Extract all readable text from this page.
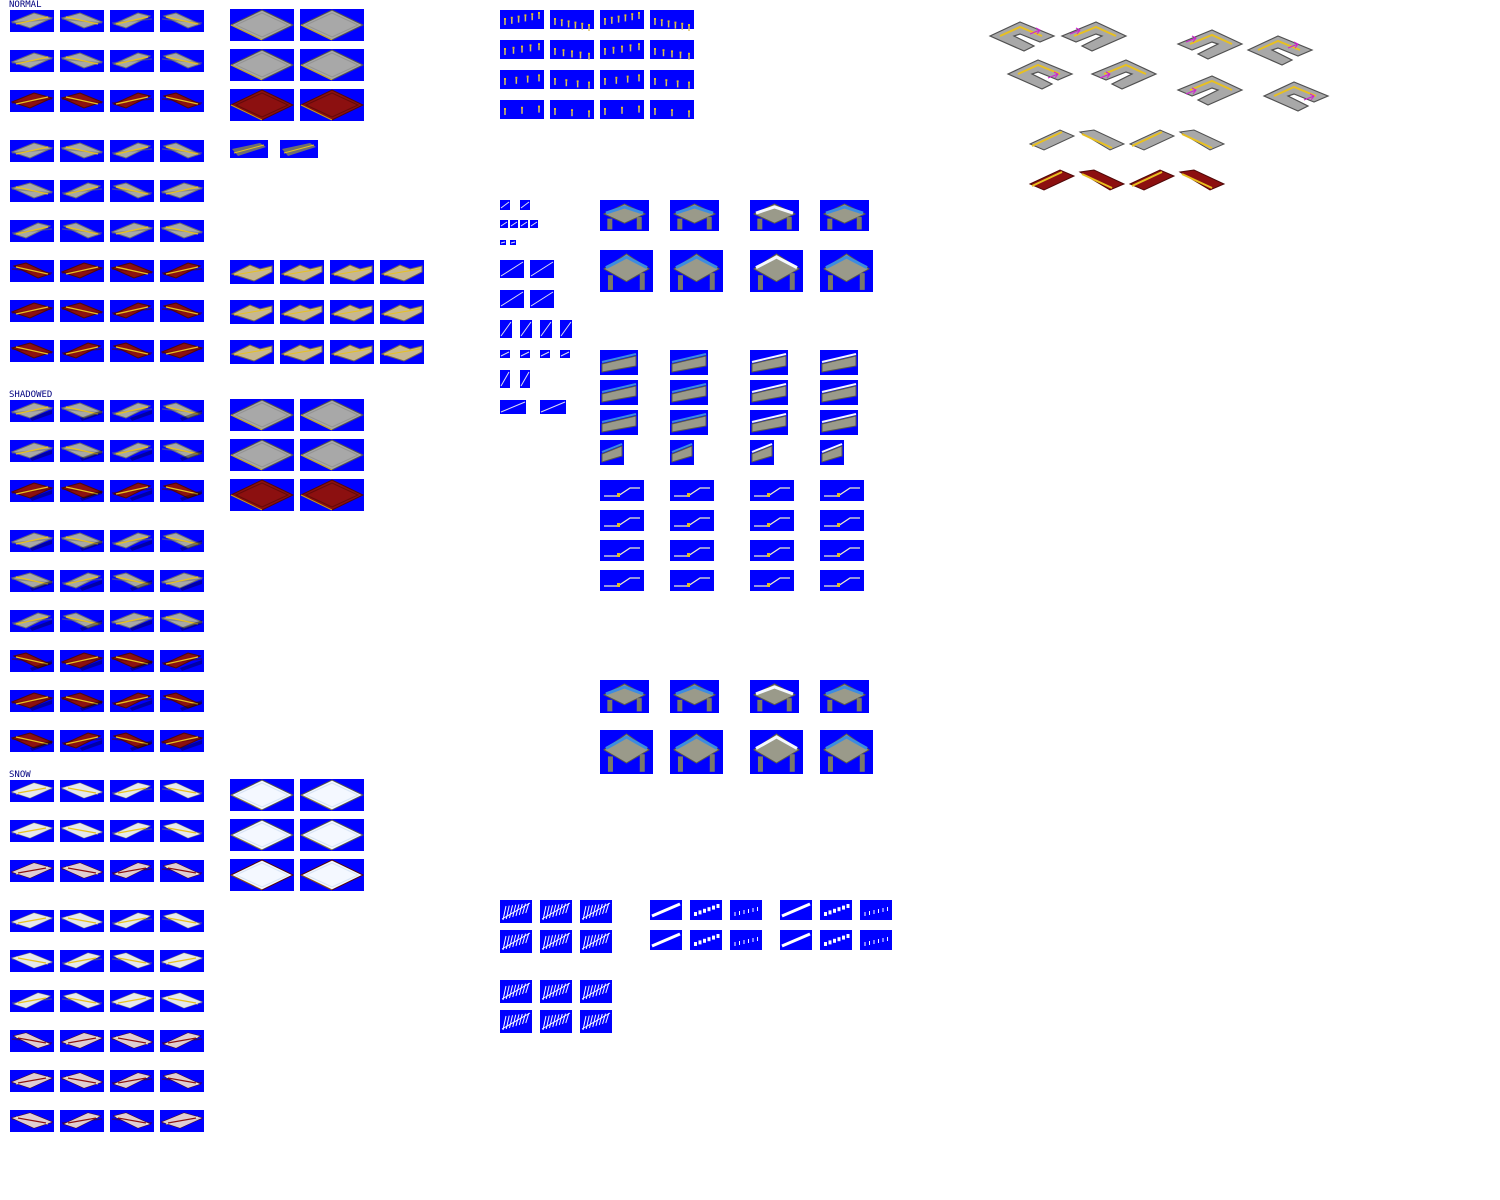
NORMAL
SHADOWED
SNOW
